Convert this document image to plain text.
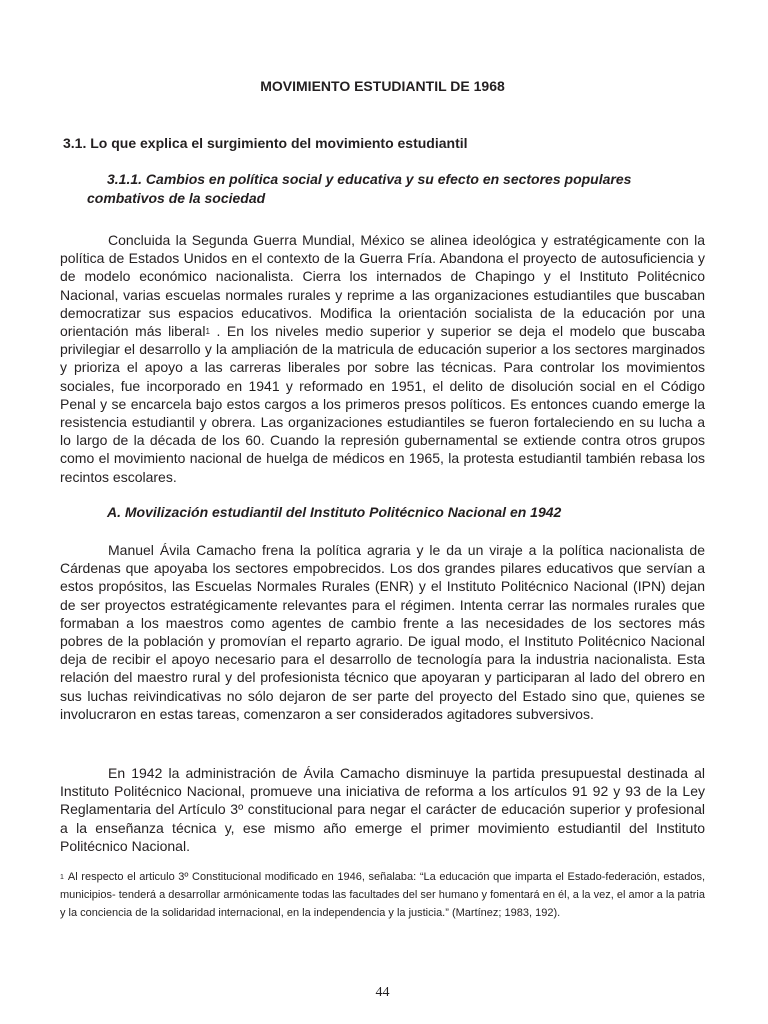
MOVIMIENTO ESTUDIANTIL DE 1968
3.1. Lo que explica el surgimiento del movimiento estudiantil
3.1.1. Cambios en política social y educativa y su efecto en sectores populares combativos de la sociedad

Concluida la Segunda Guerra Mundial, México se alinea ideológica y estratégicamente con la política de Estados Unidos en el contexto de la Guerra Fría. Abandona el proyecto de autosuficiencia y de modelo económico nacionalista. Cierra los internados de Chapingo y el Instituto Politécnico Nacional, varias escuelas normales rurales y reprime a las organizaciones estudiantiles que buscaban democratizar sus espacios educativos. Modifica la orientación socialista de la educación por una orientación más liberal$^1$ . En los niveles medio superior y superior se deja el modelo que buscaba privilegiar el desarrollo y la ampliación de la matricula de educación superior a los sectores marginados y prioriza el apoyo a las carreras liberales por sobre las técnicas. Para controlar los movimientos sociales, fue incorporado en 1941 y reformado en 1951, el delito de disolución social en el Código Penal y se encarcela bajo estos cargos a los primeros presos políticos. Es entonces cuando emerge la resistencia estudiantil y obrera. Las organizaciones estudiantiles se fueron fortaleciendo en su lucha a lo largo de la década de los 60. Cuando la represión gubernamental se extiende contra otros grupos como el movimiento nacional de huelga de médicos en 1965, la protesta estudiantil también rebasa los recintos escolares.

A. Movilización estudiantil del Instituto Politécnico Nacional en 1942

Manuel Ávila Camacho frena la política agraria y le da un viraje a la política nacionalista de Cárdenas que apoyaba los sectores empobrecidos. Los dos grandes pilares educativos que servían a estos propósitos, las Escuelas Normales Rurales (ENR) y el Instituto Politécnico Nacional (IPN) dejan de ser proyectos estratégicamente relevantes para el régimen. Intenta cerrar las normales rurales que formaban a los maestros como agentes de cambio frente a las necesidades de los sectores más pobres de la población y promovían el reparto agrario. De igual modo, el Instituto Politécnico Nacional deja de recibir el apoyo necesario para el desarrollo de tecnología para la industria nacionalista. Esta relación del maestro rural y del profesionista técnico que apoyaran y participaran al lado del obrero en sus luchas reivindicativas no sólo dejaron de ser parte del proyecto del Estado sino que, quienes se involucraron en estas tareas, comenzaron a ser considerados agitadores subversivos.

En 1942 la administración de Ávila Camacho disminuye la partida presupuestal destinada al Instituto Politécnico Nacional, promueve una iniciativa de reforma a los artículos 91 92 y 93 de la Ley Reglamentaria del Artículo 3º constitucional para negar el carácter de educación superior y profesional a la enseñanza técnica y, ese mismo año emerge el primer movimiento estudiantil del Instituto Politécnico Nacional.

$^1$ Al respecto el articulo 3º Constitucional modificado en 1946, señalaba: “La educación que imparta el Estado-federación, estados, municipios- tenderá a desarrollar armónicamente todas las facultades del ser humano y fomentará en él, a la vez, el amor a la patria y la conciencia de la solidaridad internacional, en la independencia y la justicia.” (Martínez; 1983, 192).

44
